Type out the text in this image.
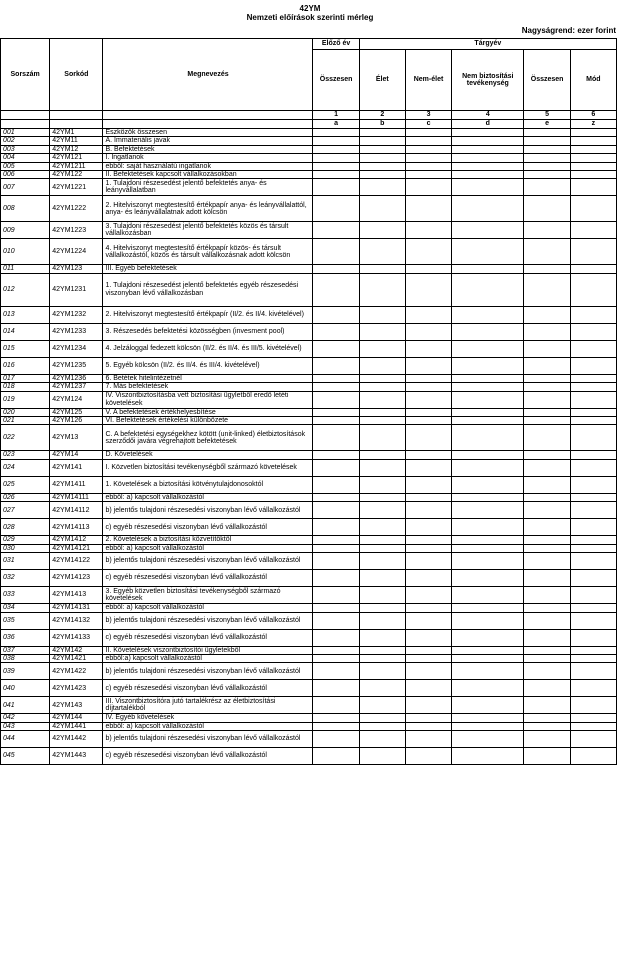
42YM
Nemzeti előírások szerinti mérleg
Nagyságrend: ezer forint
Sorszám	Sorkód	Megnevezés	Előző év	Tárgyév				
			Összesen	Élet	Nem-élet	Nem biztosítási tevékenység	Összesen	Mód
			1	2	3	4	5	6
			a	b	c	d	e	z
001	42YM1	Eszközök összesen						
002	42YM11	A. Immateriális javak						
003	42YM12	B. Befektetések						
004	42YM121	I. Ingatlanok						
005	42YM1211	ebből: saját használatú ingatlanok						
006	42YM122	II. Befektetések kapcsolt vállalkozásokban						
007	42YM1221	1. Tulajdoni részesedést jelentő befektetés anya- és leányvállalatban						
008	42YM1222	2. Hitelviszonyt megtestesítő értékpapír anya- és leányvállalattól, anya- és leányvállalatnak adott kölcsön						
009	42YM1223	3. Tulajdoni részesedést jelentő befektetés közös és társult vállalkozásban						
010	42YM1224	4. Hitelviszonyt megtestesítő értékpapír közös- és társult vállalkozástól, közös és társult vállalkozásnak adott kölcsön						
011	42YM123	III. Egyéb befektetések						
012	42YM1231	1. Tulajdoni részesedést jelentő befektetés egyéb részesedési viszonyban lévő vállalkozásban						
013	42YM1232	2. Hitelviszonyt megtestesítő értékpapír (II/2. és II/4. kivételével)						
014	42YM1233	3. Részesedés befektetési közösségben (invesment pool)						
015	42YM1234	4. Jelzáloggal fedezett kölcsön (II/2. és II/4. és III/5. kivételével)						
016	42YM1235	5. Egyéb kölcsön (II/2. és II/4. és III/4. kivételével)						
017	42YM1236	6. Betétek hitelintézetnél						
018	42YM1237	7. Más befektetések						
019	42YM124	IV. Viszontbiztosításba vett biztosítási ügyletből eredő letéti követelések						
020	42YM125	V. A befektetések értékhelyesbítése						
021	42YM126	VI. Befektetések értékelési különbözete						
022	42YM13	C. A befektetési egységekhez kötött (unit-linked) életbiztosítások szerződői javára végrehajtott befektetések						
023	42YM14	D. Követelések						
024	42YM141	I. Közvetlen biztosítási tevékenységből származó követelések						
025	42YM1411	1. Követelések a biztosítási kötvénytulajdonosoktól						
026	42YM14111	ebből: a) kapcsolt vállalkozástól						
027	42YM14112	b) jelentős tulajdoni részesedési viszonyban lévő vállalkozástól						
028	42YM14113	c) egyéb részesedési viszonyban lévő vállalkozástól						
029	42YM1412	2. Követelések a biztosítási közvetítőktől						
030	42YM14121	ebből: a) kapcsolt vállalkozástól						
031	42YM14122	b) jelentős tulajdoni részesedési viszonyban lévő vállalkozástól						
032	42YM14123	c) egyéb részesedési viszonyban lévő vállalkozástól						
033	42YM1413	3. Egyéb közvetlen biztosítási tevékenységből származó követelések						
034	42YM14131	ebből: a) kapcsolt vállalkozástól						
035	42YM14132	b) jelentős tulajdoni részesedési viszonyban lévő vállalkozástól						
036	42YM14133	c) egyéb részesedési viszonyban lévő vállalkozástól						
037	42YM142	II. Követelések viszontbiztosítói ügyletekből						
038	42YM1421	ebből:a) kapcsolt vállalkozástól						
039	42YM1422	b) jelentős tulajdoni részesedési viszonyban lévő vállalkozástól						
040	42YM1423	c) egyéb részesedési viszonyban lévő vállalkozástól						
041	42YM143	III. Viszontbiztosítóra jutó tartalékrész az életbiztosítási díjtartalékból						
042	42YM144	IV. Egyéb követelések						
043	42YM1441	ebből: a) kapcsolt vállalkozástól						
044	42YM1442	b) jelentős tulajdoni részesedési viszonyban lévő vállalkozástól						
045	42YM1443	c) egyéb részesedési viszonyban lévő vállalkozástól						
